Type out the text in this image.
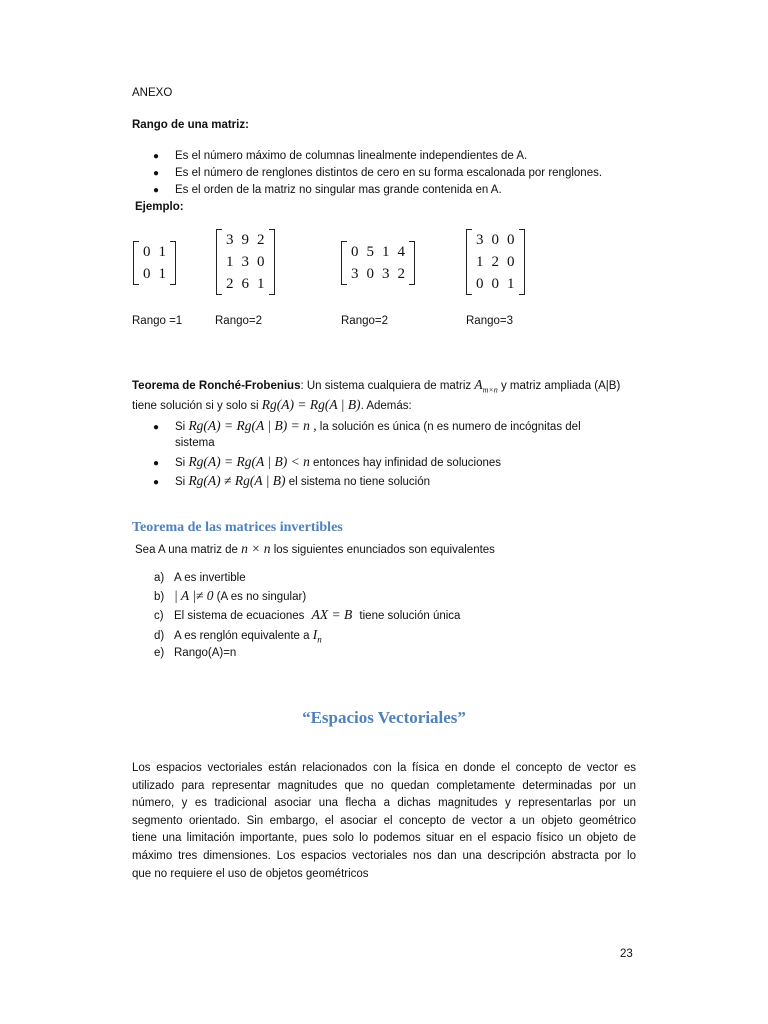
ANEXO
Rango de una matriz:
● Es el número máximo de columnas linealmente independientes de A.
● Es el número de renglones distintos de cero en su forma escalonada por renglones.
● Es el orden de la matriz no singular mas grande contenida en A.
Ejemplo:
0	1
0	1
3	9	2
1	3	0
2	6	1
0	5	1	4
3	0	3	2
3	0	0
1	2	0
0	0	1
Rango =1	Rango=2	Rango=2	Rango=3
Teorema de Ronché-Frobenius: Un sistema cualquiera de matriz $A_{m\times n}$ y matriz ampliada (A|B)
tiene solución si y solo si Rg(A) = Rg(A | B). Además:
● Si Rg(A) = Rg(A | B) = n , la solución es única (n es numero de incógnitas del
sistema
● Si Rg(A) = Rg(A | B) < n entonces hay infinidad de soluciones
● Si Rg(A) ≠ Rg(A | B) el sistema no tiene solución
Teorema de las matrices invertibles
Sea A una matriz de n × n los siguientes enunciados son equivalentes
a) A es invertible
b) | A |≠ 0 (A es no singular)
c) El sistema de ecuaciones AX = B tiene solución única
d) A es renglón equivalente a $I_n$
e) Rango(A)=n
“Espacios Vectoriales”
Los espacios vectoriales están relacionados con la física en donde el concepto de vector es
utilizado para representar magnitudes que no quedan completamente determinadas por un
número, y es tradicional asociar una flecha a dichas magnitudes y representarlas por un
segmento orientado. Sin embargo, el asociar el concepto de vector a un objeto geométrico
tiene una limitación importante, pues solo lo podemos situar en el espacio físico un objeto de
máximo tres dimensiones. Los espacios vectoriales nos dan una descripción abstracta por lo
que no requiere el uso de objetos geométricos
23
